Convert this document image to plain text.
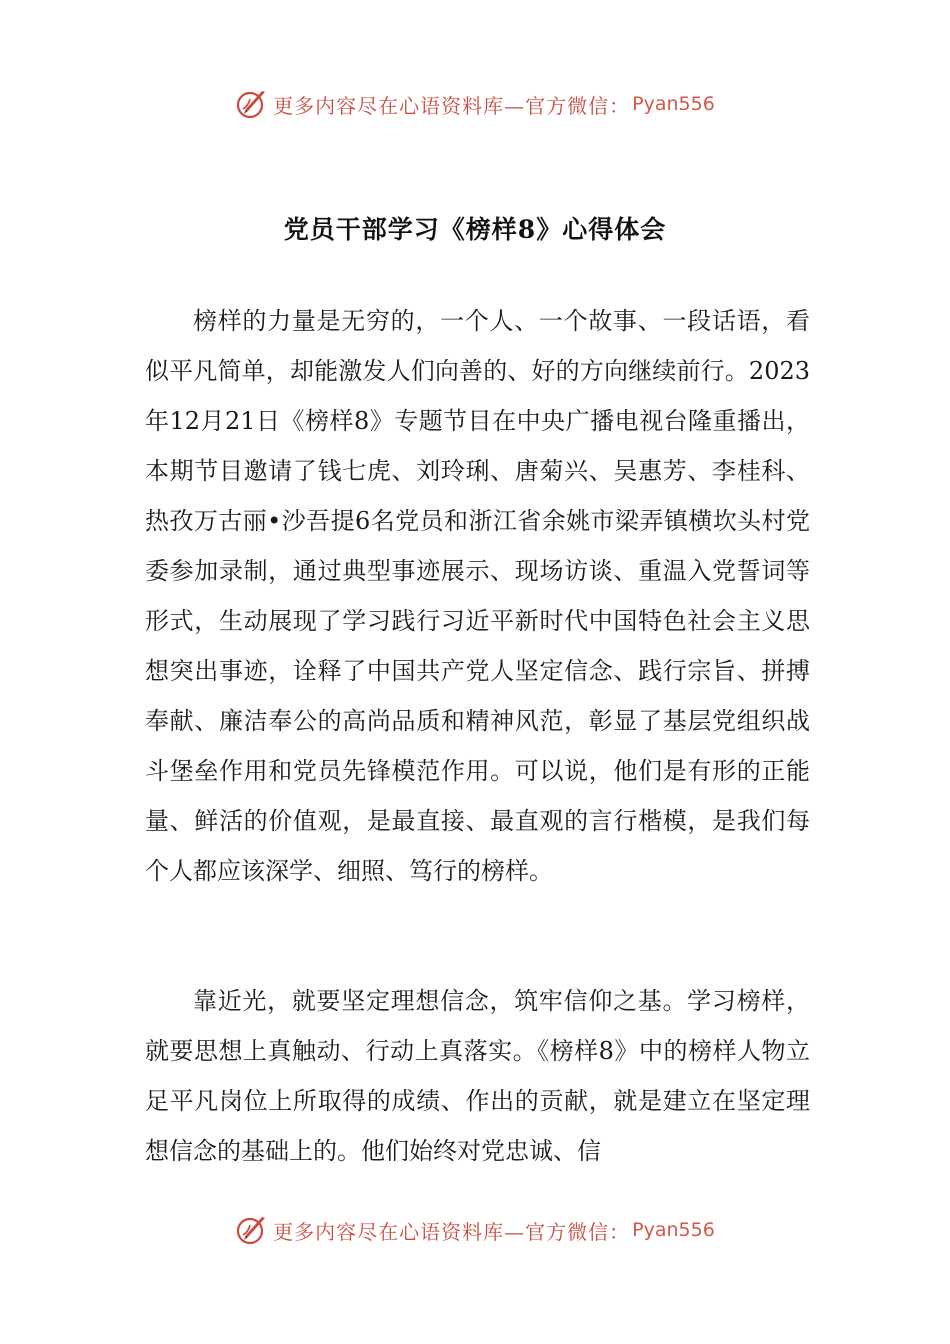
更多内容尽在心语资料库—官方微信： Pyan556
党员干部学习《榜样8》心得体会

榜样的力量是无穷的，一个人、一个故事、一段话语，看似平凡简单，却能激发人们向善的、好的方向继续前行。2023年12月21日《榜样8》专题节目在中央广播电视台隆重播出，本期节目邀请了钱七虎、刘玲琍、唐菊兴、吴惠芳、李桂科、热孜万古丽•沙吾提6名党员和浙江省余姚市梁弄镇横坎头村党委参加录制，通过典型事迹展示、现场访谈、重温入党誓词等形式，生动展现了学习践行习近平新时代中国特色社会主义思想突出事迹，诠释了中国共产党人坚定信念、践行宗旨、拼搏奉献、廉洁奉公的高尚品质和精神风范，彰显了基层党组织战斗堡垒作用和党员先锋模范作用。可以说，他们是有形的正能量、鲜活的价值观，是最直接、最直观的言行楷模，是我们每个人都应该深学、细照、笃行的榜样。

靠近光，就要坚定理想信念，筑牢信仰之基。学习榜样，就要思想上真触动、行动上真落实。《榜样8》中的榜样人物立足平凡岗位上所取得的成绩、作出的贡献，就是建立在坚定理想信念的基础上的。他们始终对党忠诚、信

更多内容尽在心语资料库—官方微信： Pyan556
